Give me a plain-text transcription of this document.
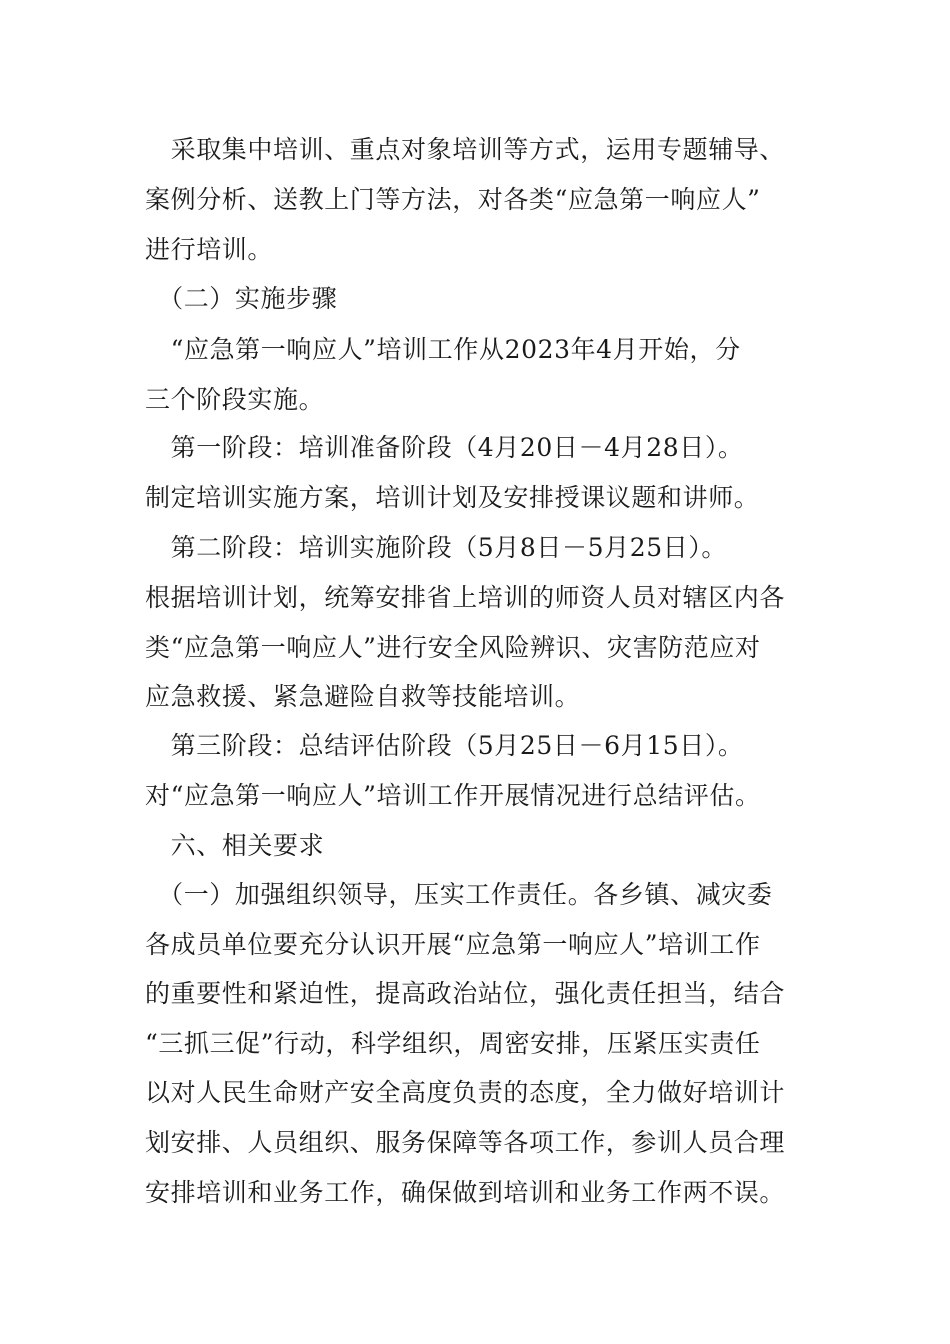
　采取集中培训、重点对象培训等方式，运用专题辅导、
案例分析、送教上门等方法，对各类“应急第一响应人”
进行培训。
　（二）实施步骤
　“应急第一响应人”培训工作从2023年4月开始，分
三个阶段实施。
　第一阶段：培训准备阶段（4月20日－4月28日）。
制定培训实施方案，培训计划及安排授课议题和讲师。
　第二阶段：培训实施阶段（5月8日－5月25日）。
根据培训计划，统筹安排省上培训的师资人员对辖区内各
类“应急第一响应人”进行安全风险辨识、灾害防范应对
应急救援、紧急避险自救等技能培训。
　第三阶段：总结评估阶段（5月25日－6月15日）。
对“应急第一响应人”培训工作开展情况进行总结评估。
　六、相关要求
　（一）加强组织领导，压实工作责任。各乡镇、减灾委
各成员单位要充分认识开展“应急第一响应人”培训工作
的重要性和紧迫性，提高政治站位，强化责任担当，结合
“三抓三促”行动，科学组织，周密安排，压紧压实责任
以对人民生命财产安全高度负责的态度，全力做好培训计
划安排、人员组织、服务保障等各项工作，参训人员合理
安排培训和业务工作，确保做到培训和业务工作两不误。
